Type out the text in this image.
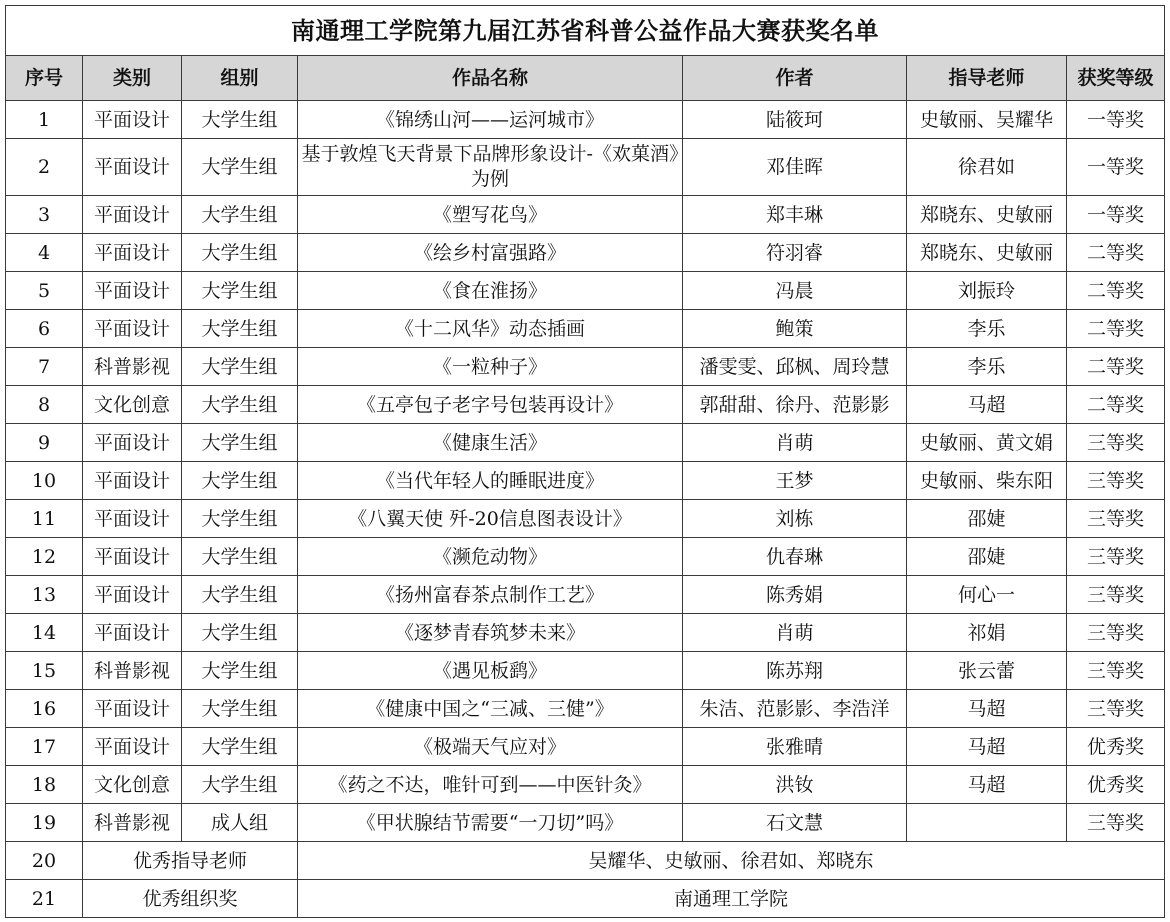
南通理工学院第九届江苏省科普公益作品大赛获奖名单						
序号	类别	组别	作品名称	作者	指导老师	获奖等级
1	平面设计	大学生组	《锦绣山河——运河城市》	陆筱珂	史敏丽、吴耀华	一等奖
2	平面设计	大学生组	基于敦煌飞天背景下品牌形象设计-《欢菓酒》为例	邓佳晖	徐君如	一等奖
3	平面设计	大学生组	《塑写花鸟》	郑丰琳	郑晓东、史敏丽	一等奖
4	平面设计	大学生组	《绘乡村富强路》	符羽睿	郑晓东、史敏丽	二等奖
5	平面设计	大学生组	《食在淮扬》	冯晨	刘振玲	二等奖
6	平面设计	大学生组	《十二风华》动态插画	鲍策	李乐	二等奖
7	科普影视	大学生组	《一粒种子》	潘雯雯、邱枫、周玲慧	李乐	二等奖
8	文化创意	大学生组	《五亭包子老字号包装再设计》	郭甜甜、徐丹、范影影	马超	二等奖
9	平面设计	大学生组	《健康生活》	肖萌	史敏丽、黄文娟	三等奖
10	平面设计	大学生组	《当代年轻人的睡眠进度》	王梦	史敏丽、柴东阳	三等奖
11	平面设计	大学生组	《八翼天使 歼-20信息图表设计》	刘栋	邵婕	三等奖
12	平面设计	大学生组	《濒危动物》	仇春琳	邵婕	三等奖
13	平面设计	大学生组	《扬州富春茶点制作工艺》	陈秀娟	何心一	三等奖
14	平面设计	大学生组	《逐梦青春筑梦未来》	肖萌	祁娟	三等奖
15	科普影视	大学生组	《遇见板鹞》	陈苏翔	张云蕾	三等奖
16	平面设计	大学生组	《健康中国之“三减、三健”》	朱洁、范影影、李浩洋	马超	三等奖
17	平面设计	大学生组	《极端天气应对》	张雅晴	马超	优秀奖
18	文化创意	大学生组	《药之不达，唯针可到——中医针灸》	洪钕	马超	优秀奖
19	科普影视	成人组	《甲状腺结节需要“一刀切”吗》	石文慧		三等奖
20	优秀指导老师		吴耀华、史敏丽、徐君如、郑晓东			
21	优秀组织奖		南通理工学院			
